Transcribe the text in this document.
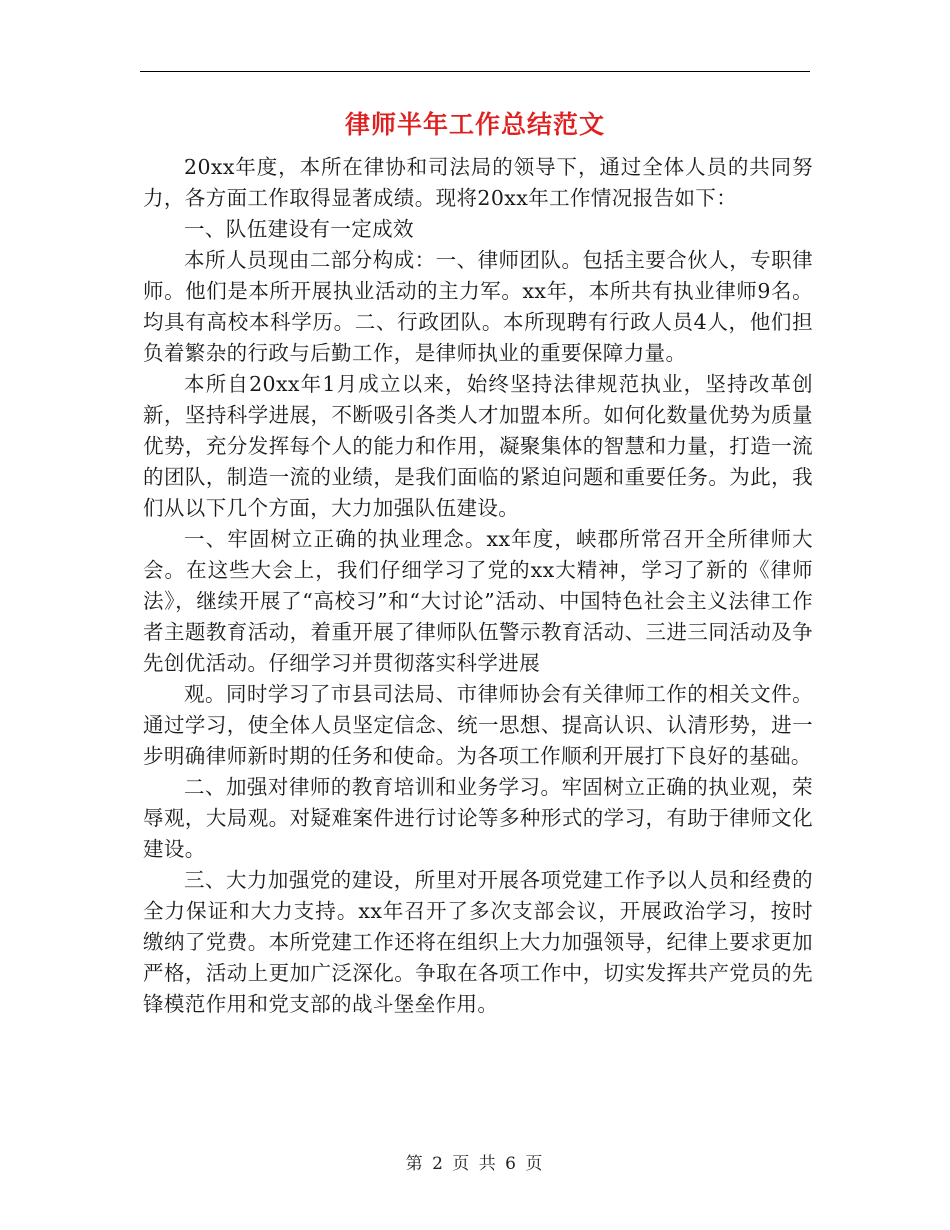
律师半年工作总结范文

20xx年度，本所在律协和司法局的领导下，通过全体人员的共同努力，各方面工作取得显著成绩。现将20xx年工作情况报告如下：

一、队伍建设有一定成效

本所人员现由二部分构成：一、律师团队。包括主要合伙人，专职律师。他们是本所开展执业活动的主力军。xx年，本所共有执业律师9名。均具有高校本科学历。二、行政团队。本所现聘有行政人员4人，他们担负着繁杂的行政与后勤工作，是律师执业的重要保障力量。

本所自20xx年1月成立以来，始终坚持法律规范执业，坚持改革创新，坚持科学进展，不断吸引各类人才加盟本所。如何化数量优势为质量优势，充分发挥每个人的能力和作用，凝聚集体的智慧和力量，打造一流的团队，制造一流的业绩，是我们面临的紧迫问题和重要任务。为此，我们从以下几个方面，大力加强队伍建设。

一、牢固树立正确的执业理念。xx年度，峡郡所常召开全所律师大会。在这些大会上，我们仔细学习了党的xx大精神，学习了新的《律师法》，继续开展了“高校习”和“大讨论”活动、中国特色社会主义法律工作者主题教育活动，着重开展了律师队伍警示教育活动、三进三同活动及争先创优活动。仔细学习并贯彻落实科学进展

观。同时学习了市县司法局、市律师协会有关律师工作的相关文件。通过学习，使全体人员坚定信念、统一思想、提高认识、认清形势，进一步明确律师新时期的任务和使命。为各项工作顺利开展打下良好的基础。

二、加强对律师的教育培训和业务学习。牢固树立正确的执业观，荣辱观，大局观。对疑难案件进行讨论等多种形式的学习，有助于律师文化建设。

三、大力加强党的建设，所里对开展各项党建工作予以人员和经费的全力保证和大力支持。xx年召开了多次支部会议，开展政治学习，按时缴纳了党费。本所党建工作还将在组织上大力加强领导，纪律上要求更加严格，活动上更加广泛深化。争取在各项工作中，切实发挥共产党员的先锋模范作用和党支部的战斗堡垒作用。

第 2 页 共 6 页
